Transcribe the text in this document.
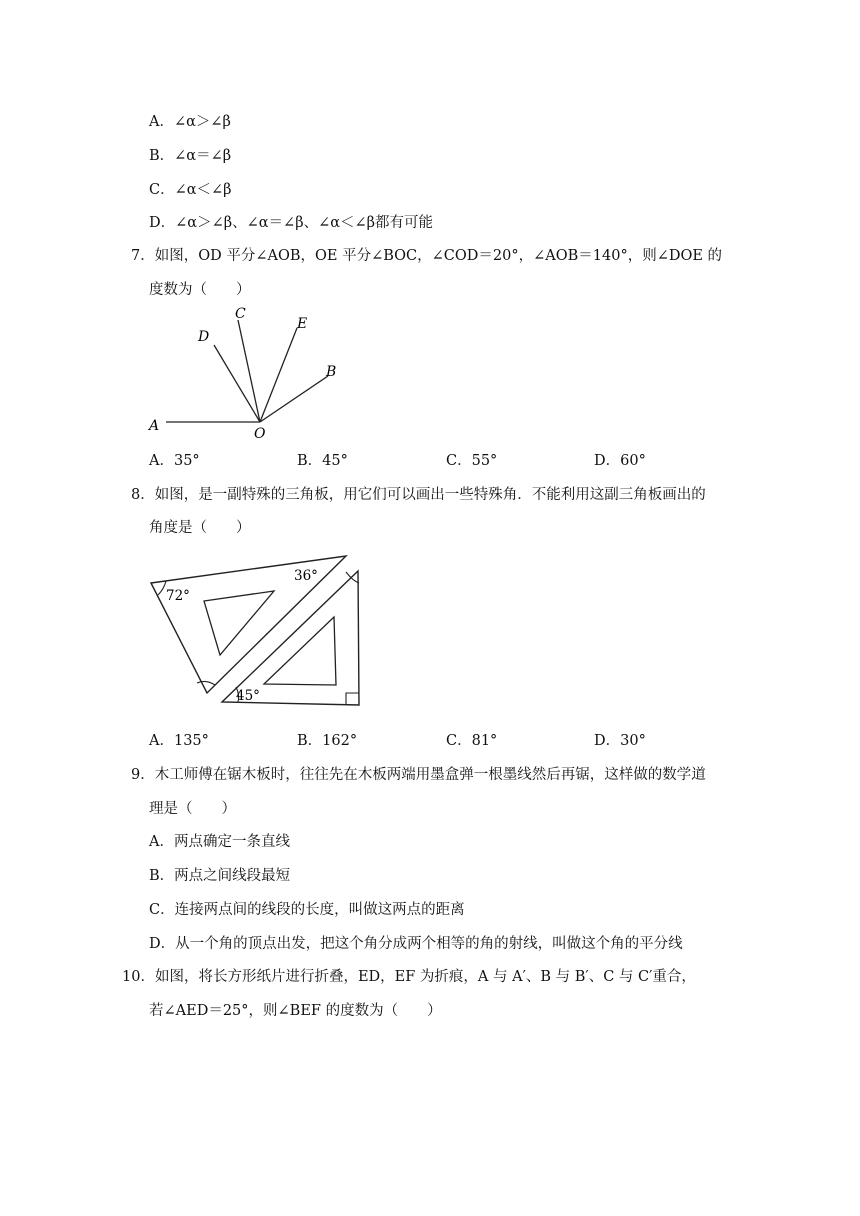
A．∠α＞∠β
B．∠α＝∠β
C．∠α＜∠β
D．∠α＞∠β、∠α＝∠β、∠α＜∠β都有可能
7．如图，OD 平分∠AOB，OE 平分∠BOC，∠COD＝20°，∠AOB＝140°，则∠DOE 的
度数为（　　）
A	O
D
C
E
B
A．35°	B．45°	C．55°	D．60°
8．如图，是一副特殊的三角板，用它们可以画出一些特殊角．不能利用这副三角板画出的
角度是（　　）
72°
36°
45°
A．135°	B．162°	C．81°	D．30°
9．木工师傅在锯木板时，往往先在木板两端用墨盒弹一根墨线然后再锯，这样做的数学道
理是（　　）
A．两点确定一条直线
B．两点之间线段最短
C．连接两点间的线段的长度，叫做这两点的距离
D．从一个角的顶点出发，把这个角分成两个相等的角的射线，叫做这个角的平分线
10．如图，将长方形纸片进行折叠，ED，EF 为折痕，A 与 A′、B 与 B′、C 与 C′重合，
若∠AED＝25°，则∠BEF 的度数为（　　）
